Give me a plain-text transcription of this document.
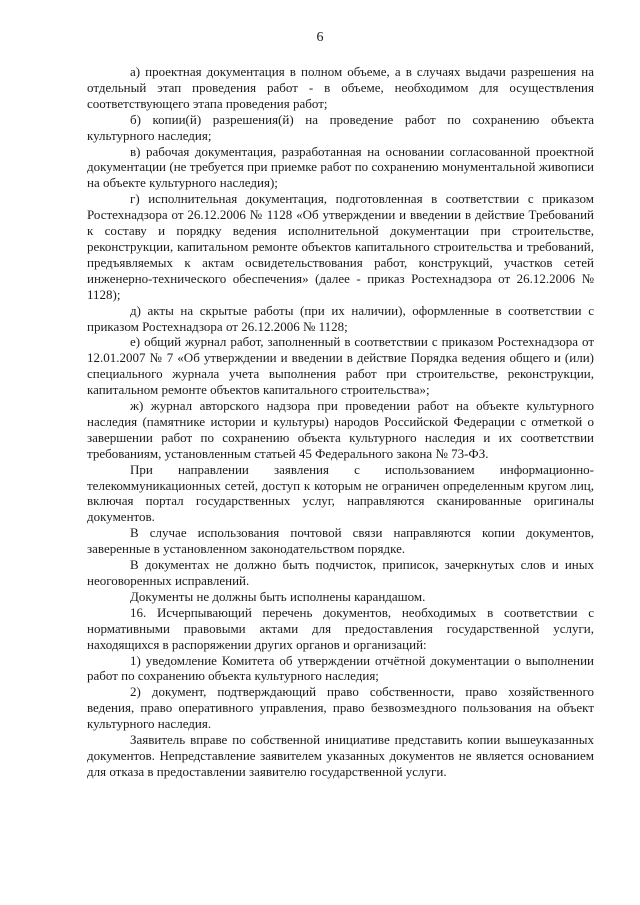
6

а) проектная документация в полном объеме, а в случаях выдачи разрешения на отдельный этап проведения работ - в объеме, необходимом для осуществления соответствующего этапа проведения работ;

б) копии(й) разрешения(й) на проведение работ по сохранению объекта культурного наследия;

в) рабочая документация, разработанная на основании согласованной проектной документации (не требуется при приемке работ по сохранению монументальной живописи на объекте культурного наследия);

г) исполнительная документация, подготовленная в соответствии с приказом Ростехнадзора от 26.12.2006 № 1128 «Об утверждении и введении в действие Требований к составу и порядку ведения исполнительной документации при строительстве, реконструкции, капитальном ремонте объектов капитального строительства и требований, предъявляемых к актам освидетельствования работ, конструкций, участков сетей инженерно-технического обеспечения» (далее - приказ Ростехнадзора от 26.12.2006 № 1128);

д) акты на скрытые работы (при их наличии), оформленные в соответствии с приказом Ростехнадзора от 26.12.2006 № 1128;

е) общий журнал работ, заполненный в соответствии с приказом Ростехнадзора от 12.01.2007 № 7 «Об утверждении и введении в действие Порядка ведения общего и (или) специального журнала учета выполнения работ при строительстве, реконструкции, капитальном ремонте объектов капитального строительства»;

ж) журнал авторского надзора при проведении работ на объекте культурного наследия (памятнике истории и культуры) народов Российской Федерации с отметкой о завершении работ по сохранению объекта культурного наследия и их соответствии требованиям, установленным статьей 45 Федерального закона № 73-ФЗ.

При направлении заявления с использованием информационно-телекоммуникационных сетей, доступ к которым не ограничен определенным кругом лиц, включая портал государственных услуг, направляются сканированные оригиналы документов.

В случае использования почтовой связи направляются копии документов, заверенные в установленном законодательством порядке.

В документах не должно быть подчисток, приписок, зачеркнутых слов и иных неоговоренных исправлений.

Документы не должны быть исполнены карандашом.

16. Исчерпывающий перечень документов, необходимых в соответствии с нормативными правовыми актами для предоставления государственной услуги, находящихся в распоряжении других органов и организаций:

1) уведомление Комитета об утверждении отчётной документации о выполнении работ по сохранению объекта культурного наследия;

2) документ, подтверждающий право собственности, право хозяйственного ведения, право оперативного управления, право безвозмездного пользования на объект культурного наследия.

Заявитель вправе по собственной инициативе представить копии вышеуказанных документов. Непредставление заявителем указанных документов не является основанием для отказа в предоставлении заявителю государственной услуги.
